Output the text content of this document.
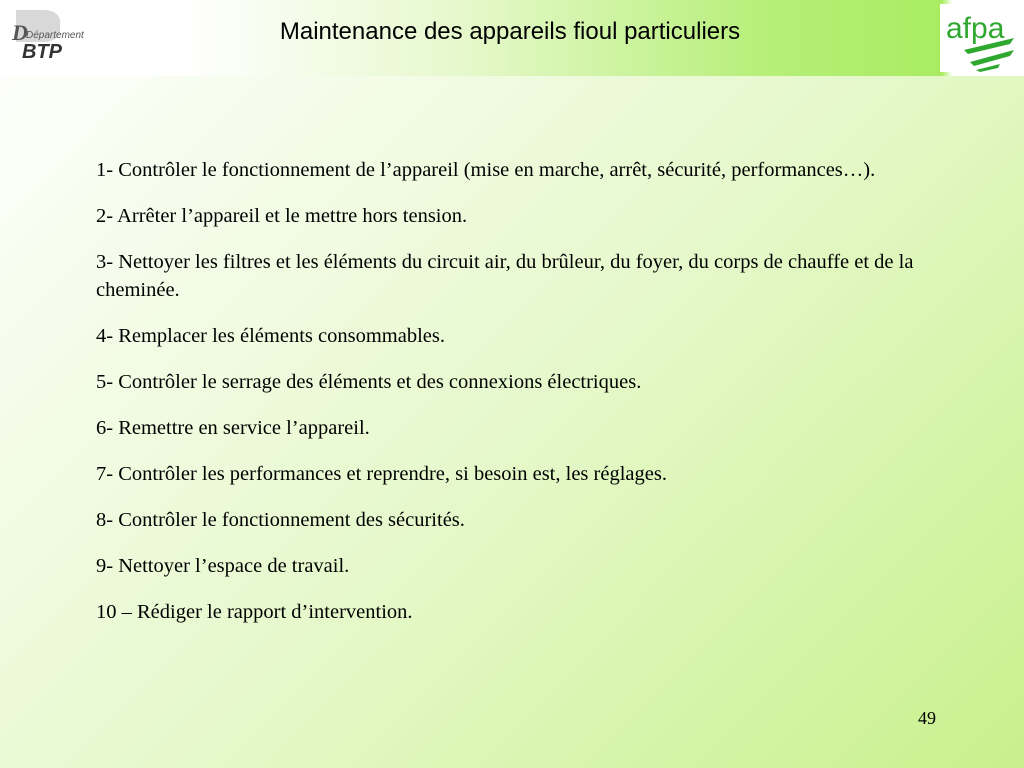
D
Département
BTP
Maintenance des appareils fioul particuliers	afpa

1- Contrôler le fonctionnement de l’appareil (mise en marche, arrêt, sécurité, performances…).

2- Arrêter l’appareil et le mettre hors tension.

3- Nettoyer les filtres et les éléments du circuit air, du brûleur, du foyer, du corps de chauffe et de la cheminée.

4- Remplacer les éléments consommables.

5- Contrôler le serrage des éléments et des connexions électriques.

6- Remettre en service l’appareil.

7- Contrôler les performances et reprendre, si besoin est, les réglages.

8- Contrôler le fonctionnement des sécurités.

9- Nettoyer l’espace de travail.

10 – Rédiger le rapport d’intervention.

49
